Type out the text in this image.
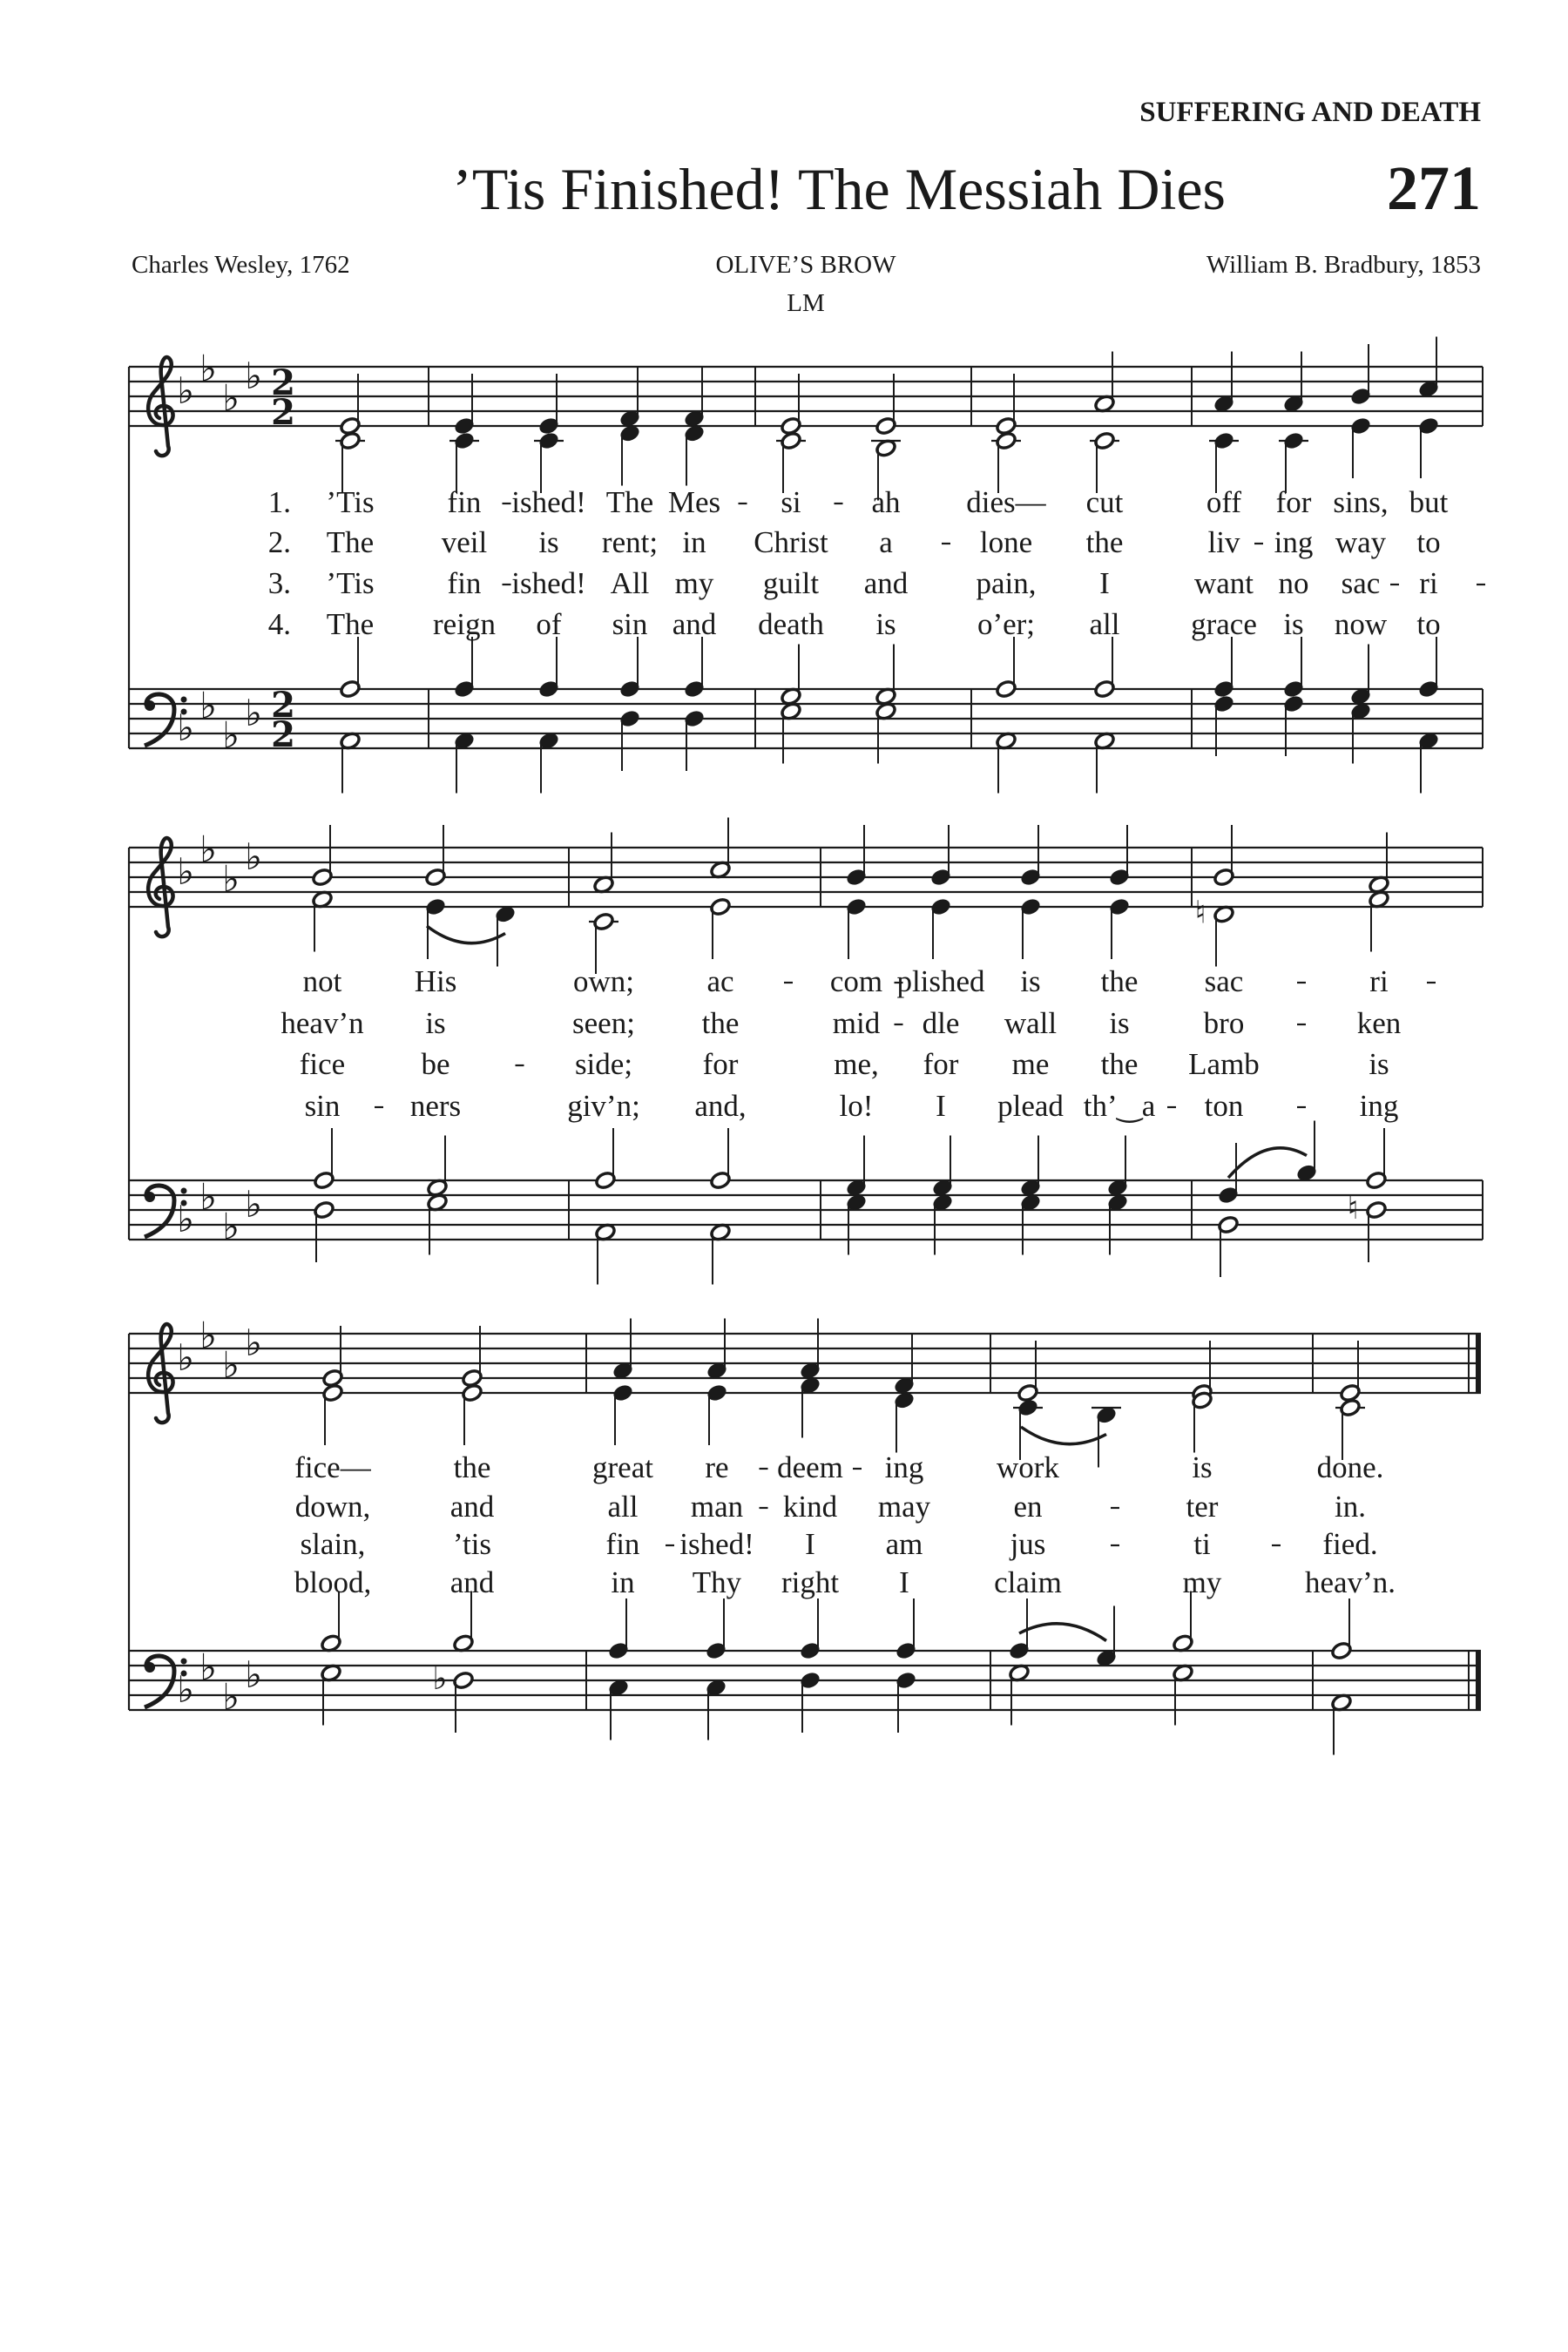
SUFFERING AND DEATH
’Tis Finished! The Messiah Dies	271
Charles Wesley, 1762	OLIVE’S BROW
LM
William B. Bradbury, 1853
♭
♭
♭
♭ 2
2
♭
♭
♭
♭ 2
2
1. ’Tis fin ished! The Mes si ah dies— cut	off for sins, but
2. The veil is rent; in Christ a	lone the	liv ing way to
3. ’Tis fin ished! All my guilt and pain, I	want no sac ri
4. The reign of sin and death is	o’er; all grace is now to
♭
♭
♭
♭
♮
♭
♭
♭
♭	♮
not His	own; ac	com plished is the sac	ri
heav’n is	seen; the	mid dle wall is bro	ken
fice be	side; for	me, for me the Lamb	is
sin ners	giv’n; and,	lo! I plead th’‿a ton	ing
♭
♭
♭
♭
♭
♭
♭
♭	♭
fice—	the	great re deem ing work	is	done.
down,	and	all man kind may	en	ter	in.
slain,	’tis	fin ished! I am	jus	ti	fied.
blood,	and	in Thy right I	claim	my	heav’n.
